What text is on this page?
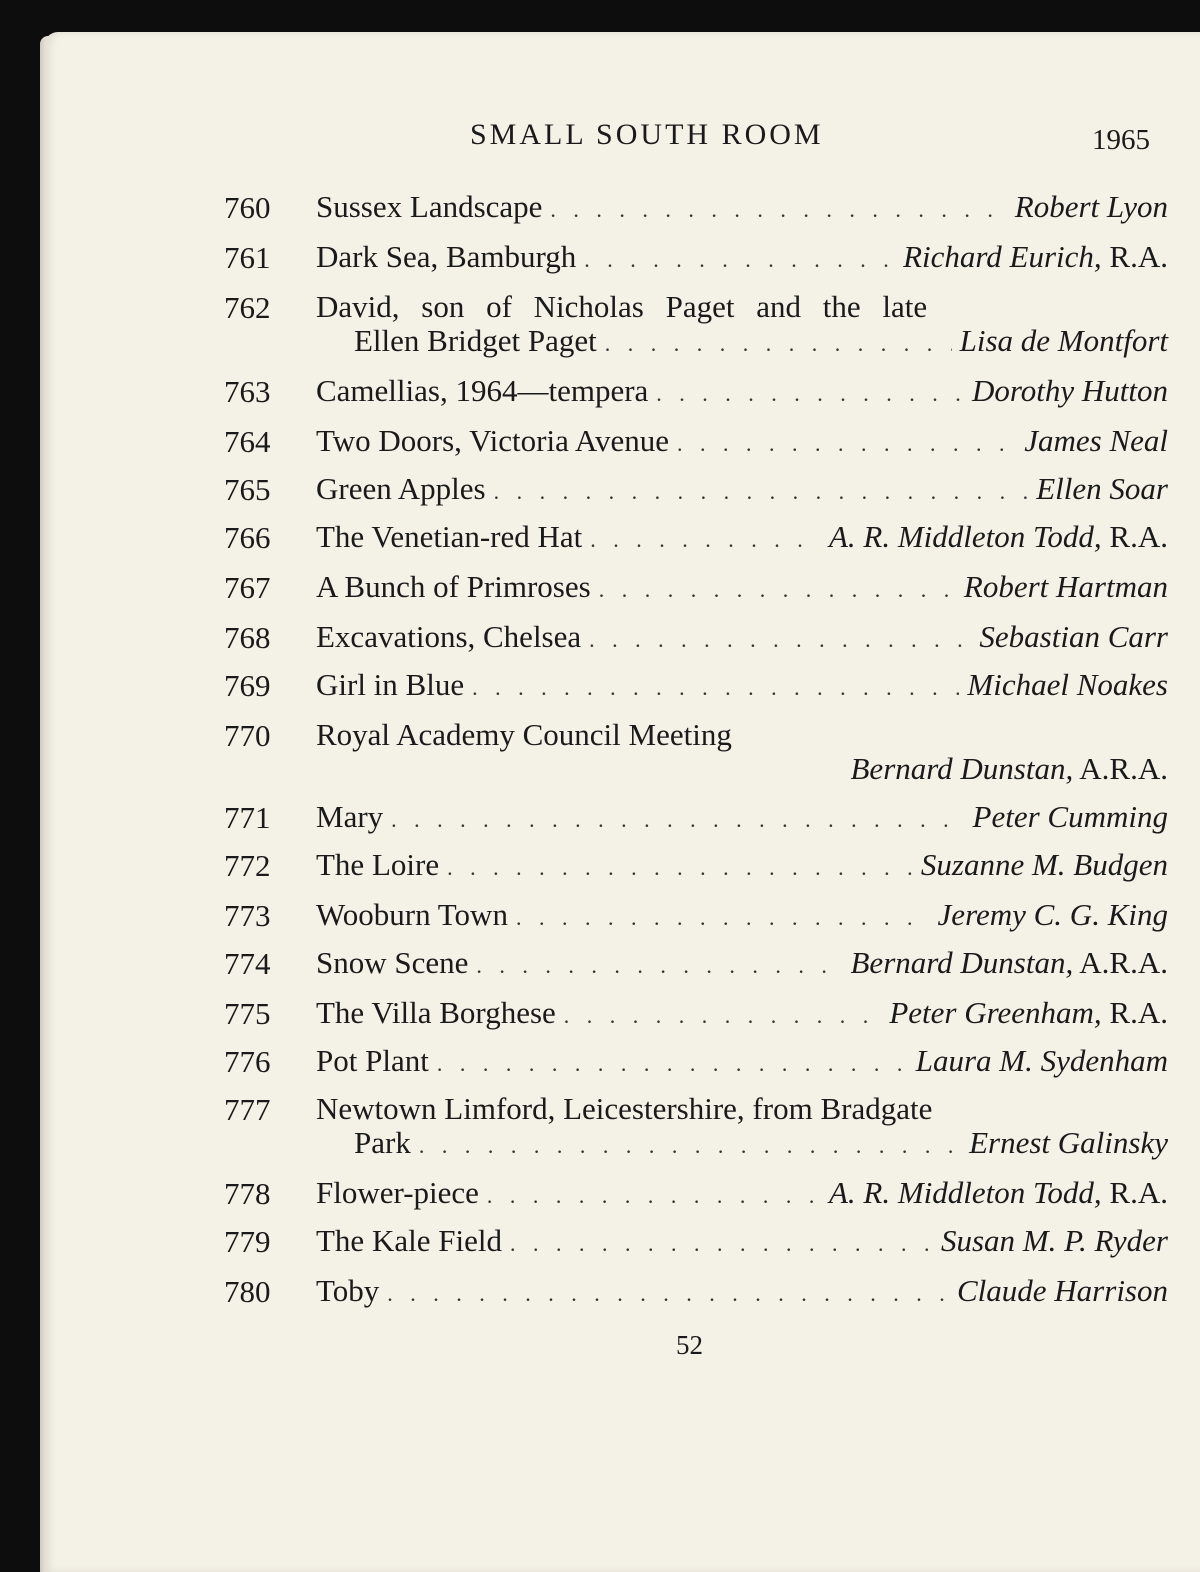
SMALL SOUTH ROOM	1965
760	Sussex Landscape . . .	Robert Lyon
761	Dark Sea, Bamburgh . . .	Richard Eurich, R.A.
762	David, son of Nicholas Paget and the late
Ellen Bridget Paget . . .	Lisa de Montfort
763	Camellias, 1964—tempera . . .	Dorothy Hutton
764	Two Doors, Victoria Avenue . . .	James Neal
765	Green Apples . . .	Ellen Soar
766	The Venetian-red Hat . . .	A. R. Middleton Todd, R.A.
767	A Bunch of Primroses . . .	Robert Hartman
768	Excavations, Chelsea . . .	Sebastian Carr
769	Girl in Blue . . .	Michael Noakes
770	Royal Academy Council Meeting
Bernard Dunstan, A.R.A.
771	Mary . . .	Peter Cumming
772	The Loire . . .	Suzanne M. Budgen
773	Wooburn Town . . .	Jeremy C. G. King
774	Snow Scene . . .	Bernard Dunstan, A.R.A.
775	The Villa Borghese . . .	Peter Greenham, R.A.
776	Pot Plant . . .	Laura M. Sydenham
777	Newtown Limford, Leicestershire, from Bradgate
Park . . .	Ernest Galinsky
778	Flower-piece . . .	A. R. Middleton Todd, R.A.
779	The Kale Field . . .	Susan M. P. Ryder
780	Toby . . .	Claude Harrison
52
